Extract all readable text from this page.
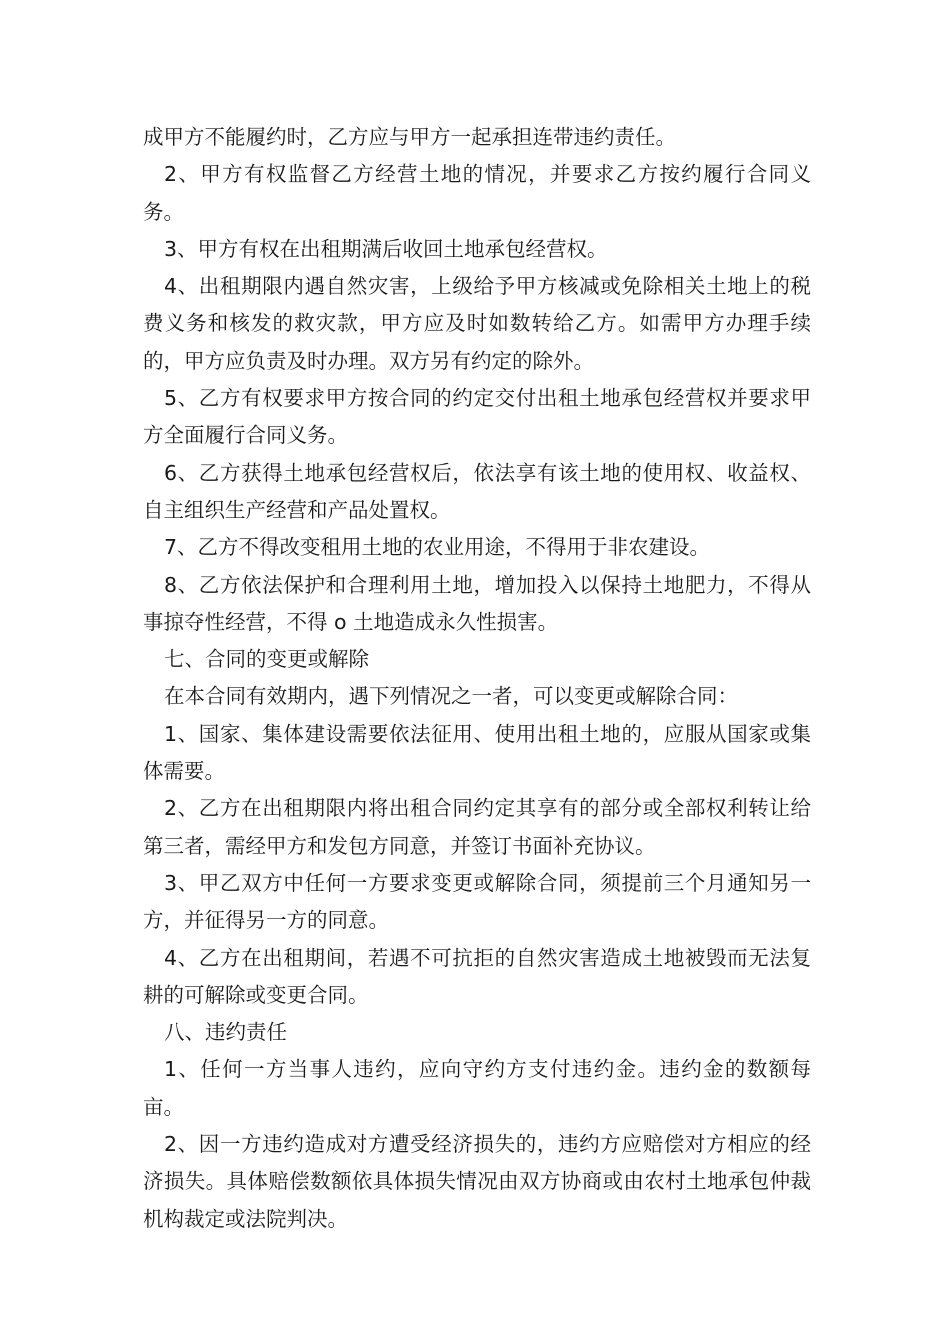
成甲方不能履约时，乙方应与甲方一起承担连带违约责任。

2、甲方有权监督乙方经营土地的情况，并要求乙方按约履行合同义务。

3、甲方有权在出租期满后收回土地承包经营权。

4、出租期限内遇自然灾害，上级给予甲方核减或免除相关土地上的税费义务和核发的救灾款，甲方应及时如数转给乙方。如需甲方办理手续的，甲方应负责及时办理。双方另有约定的除外。

5、乙方有权要求甲方按合同的约定交付出租土地承包经营权并要求甲方全面履行合同义务。

6、乙方获得土地承包经营权后，依法享有该土地的使用权、收益权、自主组织生产经营和产品处置权。

7、乙方不得改变租用土地的农业用途，不得用于非农建设。

8、乙方依法保护和合理利用土地，增加投入以保持土地肥力，不得从事掠夺性经营，不得 o 土地造成永久性损害。

七、合同的变更或解除

在本合同有效期内，遇下列情况之一者，可以变更或解除合同：

1、国家、集体建设需要依法征用、使用出租土地的，应服从国家或集体需要。

2、乙方在出租期限内将出租合同约定其享有的部分或全部权利转让给第三者，需经甲方和发包方同意，并签订书面补充协议。

3、甲乙双方中任何一方要求变更或解除合同，须提前三个月通知另一方，并征得另一方的同意。

4、乙方在出租期间，若遇不可抗拒的自然灾害造成土地被毁而无法复耕的可解除或变更合同。

八、违约责任

1、任何一方当事人违约，应向守约方支付违约金。违约金的数额每亩。

2、因一方违约造成对方遭受经济损失的，违约方应赔偿对方相应的经济损失。具体赔偿数额依具体损失情况由双方协商或由农村土地承包仲裁机构裁定或法院判决。
